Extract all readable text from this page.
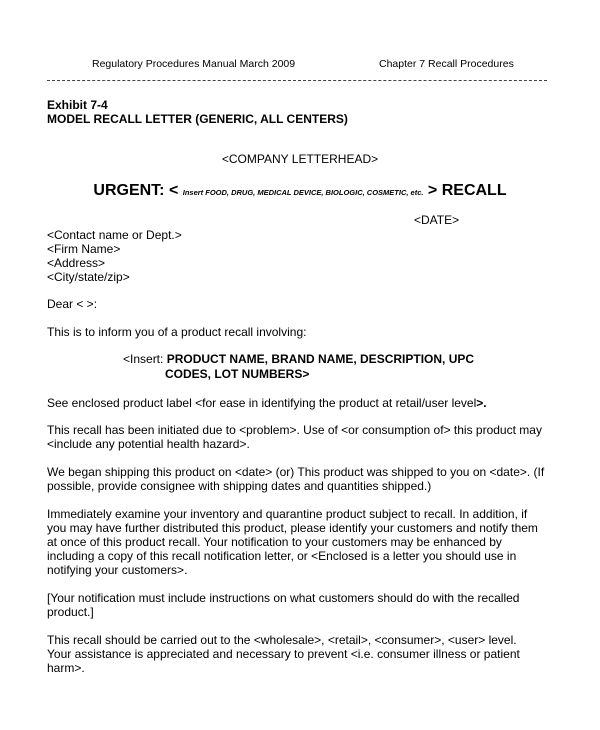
Regulatory Procedures Manual March 2009	Chapter 7 Recall Procedures
Exhibit 7-4
MODEL RECALL LETTER (GENERIC, ALL CENTERS)
<COMPANY LETTERHEAD>
URGENT: < Insert FOOD, DRUG, MEDICAL DEVICE, BIOLOGIC, COSMETIC, etc. > RECALL
<DATE>
<Contact name or Dept.>
<Firm Name>
<Address>
<City/state/zip>
Dear < >:
This is to inform you of a product recall involving:
<Insert: PRODUCT NAME, BRAND NAME, DESCRIPTION, UPC
CODES, LOT NUMBERS>
See enclosed product label <for ease in identifying the product at retail/user level>.
This recall has been initiated due to <problem>. Use of <or consumption of> this product may
<include any potential health hazard>.
We began shipping this product on <date> (or) This product was shipped to you on <date>. (If
possible, provide consignee with shipping dates and quantities shipped.)
Immediately examine your inventory and quarantine product subject to recall. In addition, if
you may have further distributed this product, please identify your customers and notify them
at once of this product recall. Your notification to your customers may be enhanced by
including a copy of this recall notification letter, or <Enclosed is a letter you should use in
notifying your customers>.
[Your notification must include instructions on what customers should do with the recalled
product.]
This recall should be carried out to the <wholesale>, <retail>, <consumer>, <user> level.
Your assistance is appreciated and necessary to prevent <i.e. consumer illness or patient
harm>.
